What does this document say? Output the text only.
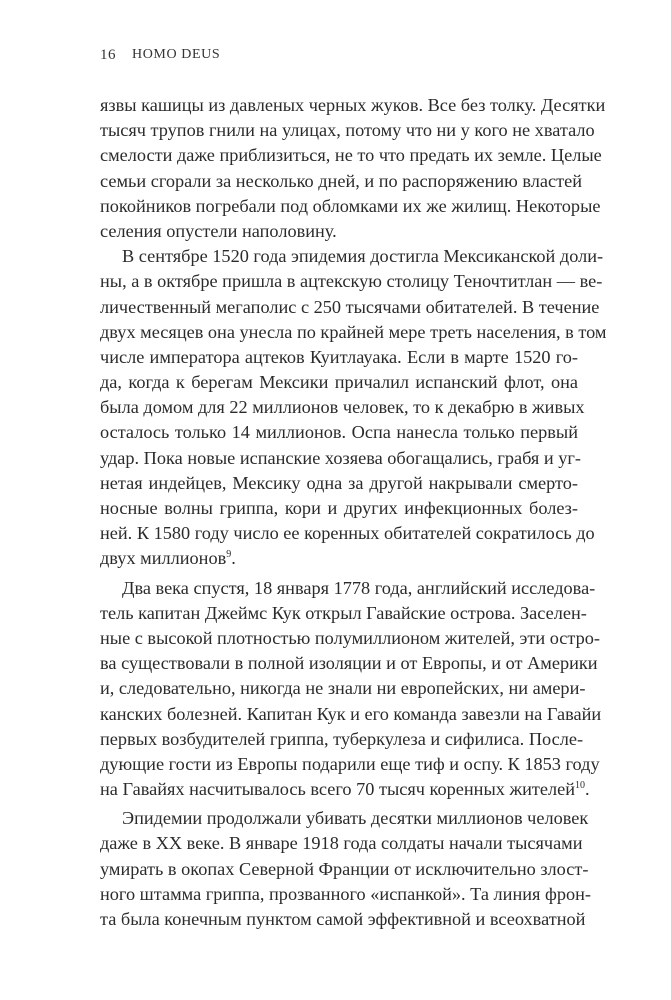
16 HOMO DEUS
язвы кашицы из давленых черных жуков. Все без толку. Десятки
тысяч трупов гнили на улицах, потому что ни у кого не хватало
смелости даже приблизиться, не то что предать их земле. Целые
семьи сгорали за несколько дней, и по распоряжению властей
покойников погребали под обломками их же жилищ. Некоторые
селения опустели наполовину.
В сентябре 1520 года эпидемия достигла Мексиканской доли-
ны, а в октябре пришла в ацтекскую столицу Теночтитлан — ве-
личественный мегаполис с 250 тысячами обитателей. В течение
двух месяцев она унесла по крайней мере треть населения, в том
числе императора ацтеков Куитлауака. Если в марте 1520 го-
да, когда к берегам Мексики причалил испанский флот, она
была домом для 22 миллионов человек, то к декабрю в живых
осталось только 14 миллионов. Оспа нанесла только первый
удар. Пока новые испанские хозяева обогащались, грабя и уг-
нетая индейцев, Мексику одна за другой накрывали смерто-
носные волны гриппа, кори и других инфекционных болез-
ней. К 1580 году число ее коренных обитателей сократилось до
двух миллионов$^9$.
Два века спустя, 18 января 1778 года, английский исследова-
тель капитан Джеймс Кук открыл Гавайские острова. Заселен-
ные с высокой плотностью полумиллионом жителей, эти остро-
ва существовали в полной изоляции и от Европы, и от Америки
и, следовательно, никогда не знали ни европейских, ни амери-
канских болезней. Капитан Кук и его команда завезли на Гавайи
первых возбудителей гриппа, туберкулеза и сифилиса. После-
дующие гости из Европы подарили еще тиф и оспу. К 1853 году
на Гавайях насчитывалось всего 70 тысяч коренных жителей$^{10}$.
Эпидемии продолжали убивать десятки миллионов человек
даже в XX веке. В январе 1918 года солдаты начали тысячами
умирать в окопах Северной Франции от исключительно злост-
ного штамма гриппа, прозванного «испанкой». Та линия фрон-
та была конечным пунктом самой эффективной и всеохватной
